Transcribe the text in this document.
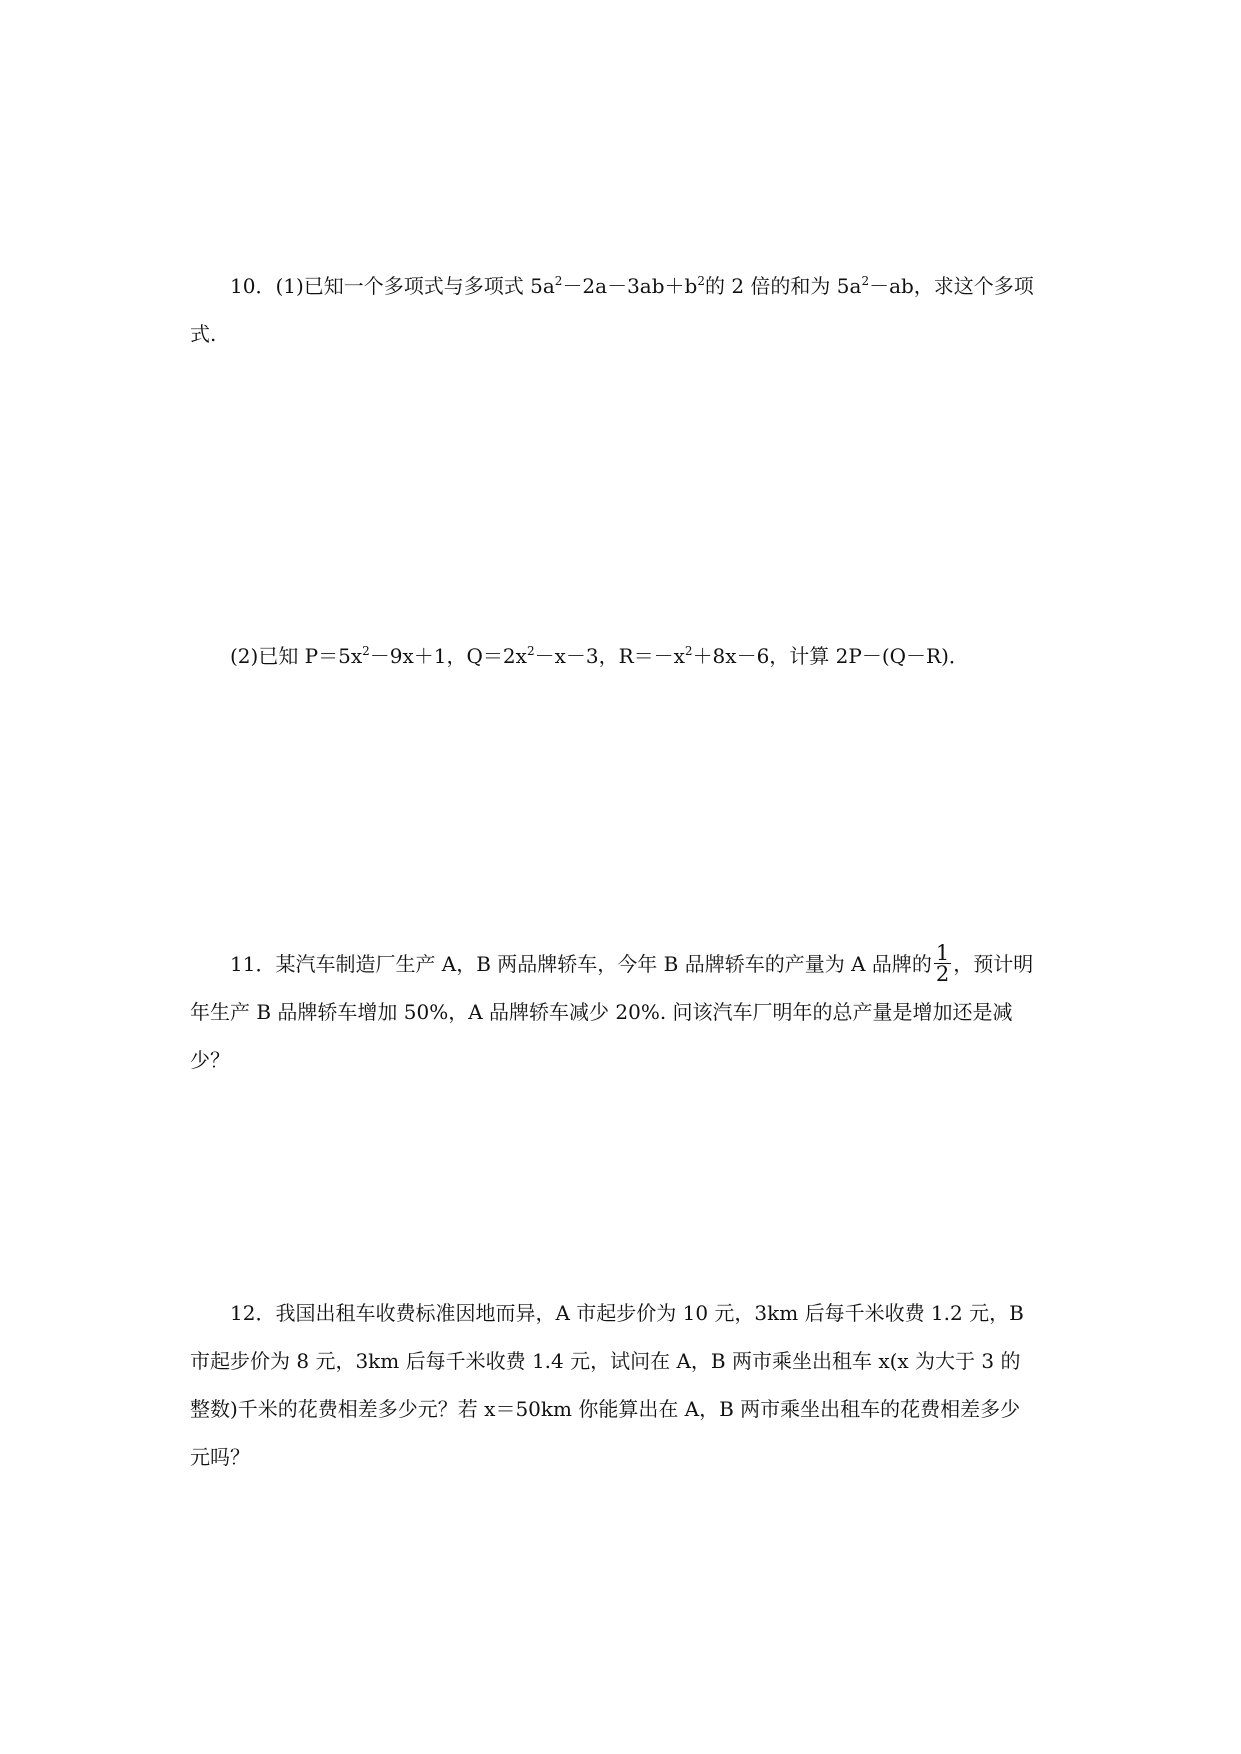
10．(1)已知一个多项式与多项式 $5a^2-2a-3ab+b^2$的 2 倍的和为 $5a^2-ab$，求这个多项
式.
(2)已知 $P=5x^2-9x+1$，$Q=2x^2-x-3$，$R=-x^2+8x-6$，计算 2P－(Q－R)．
11．某汽车制造厂生产 A，B 两品牌轿车，今年 B 品牌轿车的产量为 A 品牌的 $\frac{1}{2}$ ，预计明
年生产 B 品牌轿车增加 50%，A 品牌轿车减少 20%. 问该汽车厂明年的总产量是增加还是减
少？
12．我国出租车收费标准因地而异，A 市起步价为 10 元，3km 后每千米收费 1.2 元，B
市起步价为 8 元，3km 后每千米收费 1.4 元，试问在 A，B 两市乘坐出租车 x(x 为大于 3 的
整数)千米的花费相差多少元？若 x＝50km 你能算出在 A，B 两市乘坐出租车的花费相差多少
元吗？
